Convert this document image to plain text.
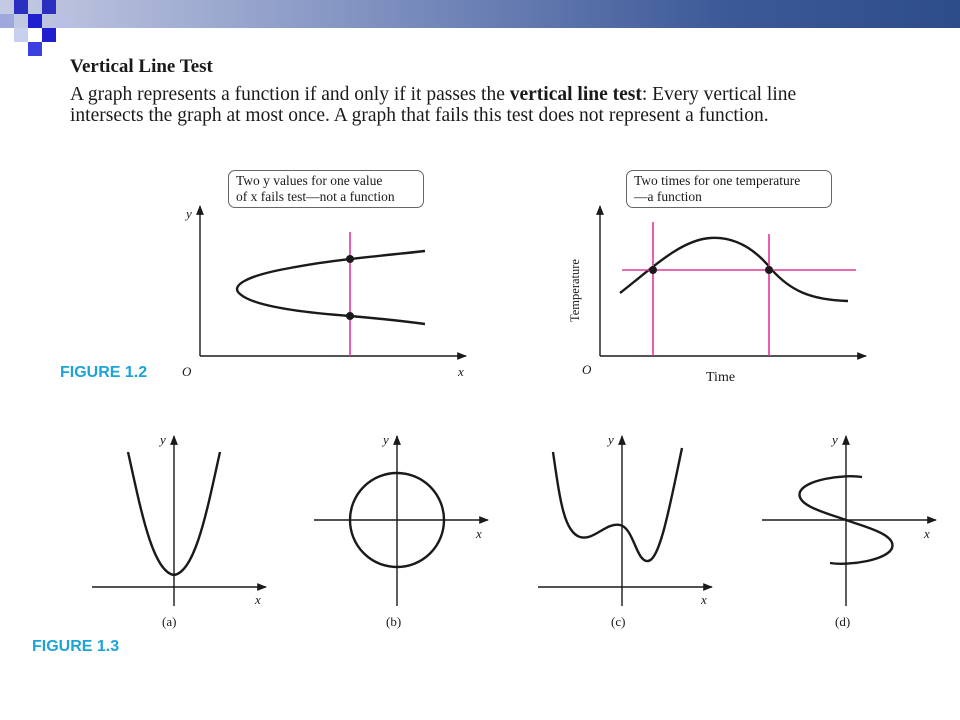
Vertical Line Test
A graph represents a function if and only if it passes the vertical line test: Every vertical line intersects the graph at most once. A graph that fails this test does not represent a function.
y
x
O
Temperature
Time
O
y
x
(a)
y
x
(b)
y
x
(c)
y
x
(d)
Two y values for one value
of x fails test—not a function
Two times for one temperature
—a function
FIGURE 1.2
FIGURE 1.3
